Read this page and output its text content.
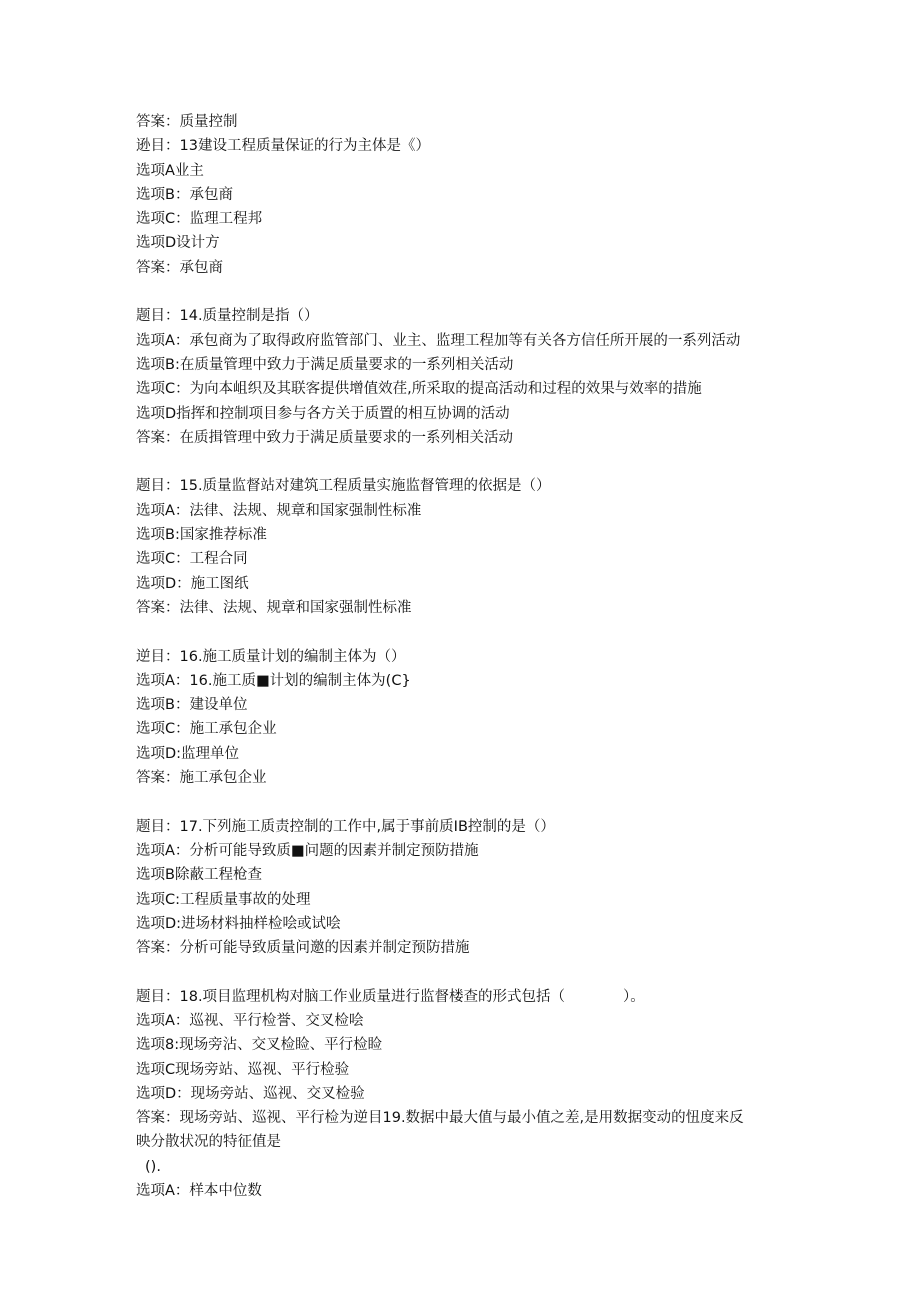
答案：质量控制
逊目：13建设工程质量保证的行为主体是《）
选项A业主
选项B：承包商
选项C：监理工程邦
选项D设计方
答案：承包商
题目：14.质量控制是指（）
选项A：承包商为了取得政府监管部门、业主、监理工程加等有关各方信任所开展的一系列活动
选项B:在质量管理中致力于满足质量要求的一系列相关活动
选项C：为向本岨织及其联客提供增值效荏,所采取的提高活动和过程的效果与效率的措施
选项D指挥和控制项目参与各方关于质置的相互协调的活动
答案：在质揖管理中致力于满足质量要求的一系列相关活动
题目：15.质量监督站对建筑工程质量实施监督管理的依据是（）
选项A：法律、法规、规章和国家强制性标准
选项B:国家推荐标准
选项C：工程合同
选项D：施工图纸
答案：法律、法规、规章和国家强制性标准
逆目：16.施工质量计划的编制主体为（）
选项A：16.施工质■计划的编制主体为(C}
选项B：建设单位
选项C：施工承包企业
选项D:监理单位
答案：施工承包企业
题目：17.下列施工质责控制的工作中,属于事前质IB控制的是（）
选项A：分析可能导致质■问题的因素并制定预防措施
选项B除蔽工程枪查
选项C:工程质量事故的处理
选项D:进场材料抽样检哙或试哙
答案：分析可能导致质量问邀的因素并制定预防措施
题目：18.项目监理机构对脑工作业质量进行监督楼查的形式包括（　　　　）。
选项A：巡视、平行检誉、交叉检哙
选项8:现场旁沾、交叉检睑、平行检睑
选项C现场旁站、巡视、平行检验
选项D：现场旁站、巡视、交叉检验
答案：现场旁站、巡视、平行检为逆目19.数据中最大值与最小值之差,是用数据变动的忸度来反
映分散状况的特征值是
().
选项A：样本中位数
